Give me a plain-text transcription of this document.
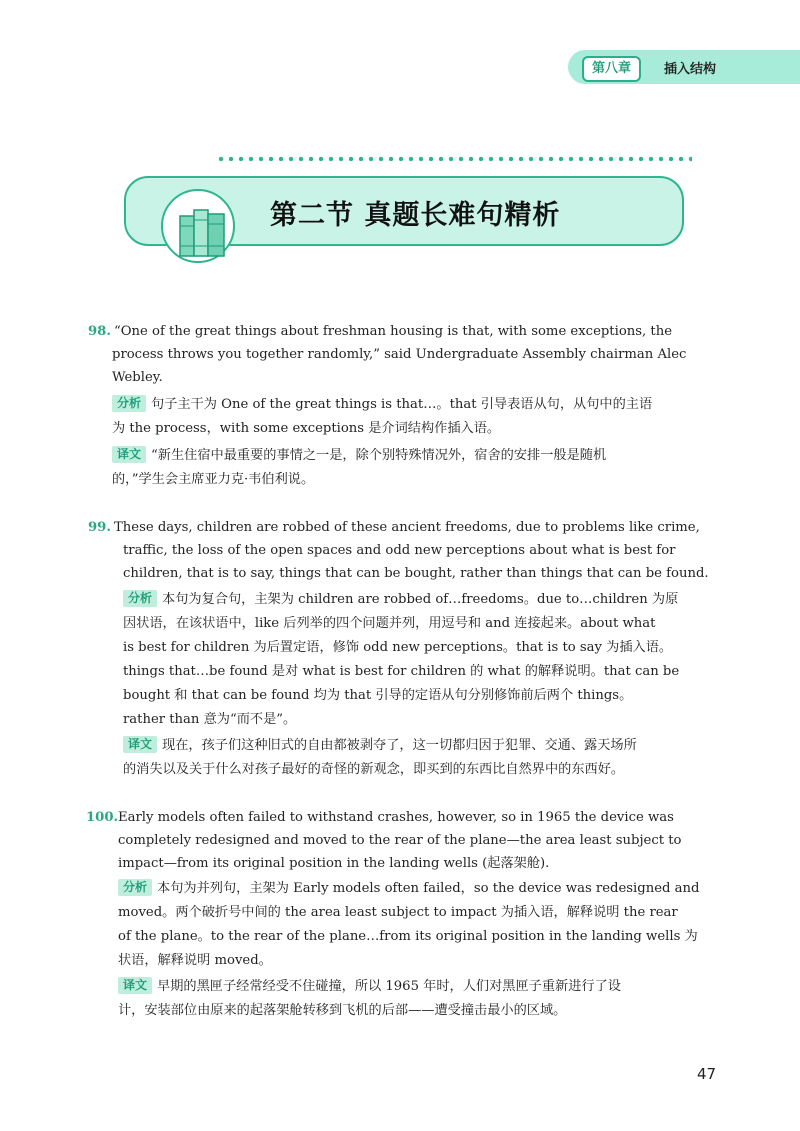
第八章	插入结构
第二节 真题长难句精析
98. “One of the great things about freshman housing is that, with some exceptions, the
process throws you together randomly,” said Undergraduate Assembly chairman Alec
Webley.
分析 句子主干为 One of the great things is that…。that 引导表语从句，从句中的主语
为 the process，with some exceptions 是介词结构作插入语。
译文 “新生住宿中最重要的事情之一是，除个别特殊情况外，宿舍的安排一般是随机
的，”学生会主席亚力克·韦伯利说。
99. These days, children are robbed of these ancient freedoms, due to problems like crime,
traffic, the loss of the open spaces and odd new perceptions about what is best for
children, that is to say, things that can be bought, rather than things that can be found.
分析 本句为复合句，主架为 children are robbed of…freedoms。due to…children 为原
因状语，在该状语中，like 后列举的四个问题并列，用逗号和 and 连接起来。about what
is best for children 为后置定语，修饰 odd new perceptions。that is to say 为插入语。
things that…be found 是对 what is best for children 的 what 的解释说明。that can be
bought 和 that can be found 均为 that 引导的定语从句分别修饰前后两个 things。
rather than 意为“而不是”。
译文 现在，孩子们这种旧式的自由都被剥夺了，这一切都归因于犯罪、交通、露天场所
的消失以及关于什么对孩子最好的奇怪的新观念，即买到的东西比自然界中的东西好。
100. Early models often failed to withstand crashes, however, so in 1965 the device was
completely redesigned and moved to the rear of the plane—the area least subject to
impact—from its original position in the landing wells (起落架舱).
分析 本句为并列句，主架为 Early models often failed，so the device was redesigned and
moved。两个破折号中间的 the area least subject to impact 为插入语，解释说明 the rear
of the plane。to the rear of the plane…from its original position in the landing wells 为
状语，解释说明 moved。
译文 早期的黑匣子经常经受不住碰撞，所以 1965 年时，人们对黑匣子重新进行了设
计，安装部位由原来的起落架舱转移到飞机的后部——遭受撞击最小的区域。
47
